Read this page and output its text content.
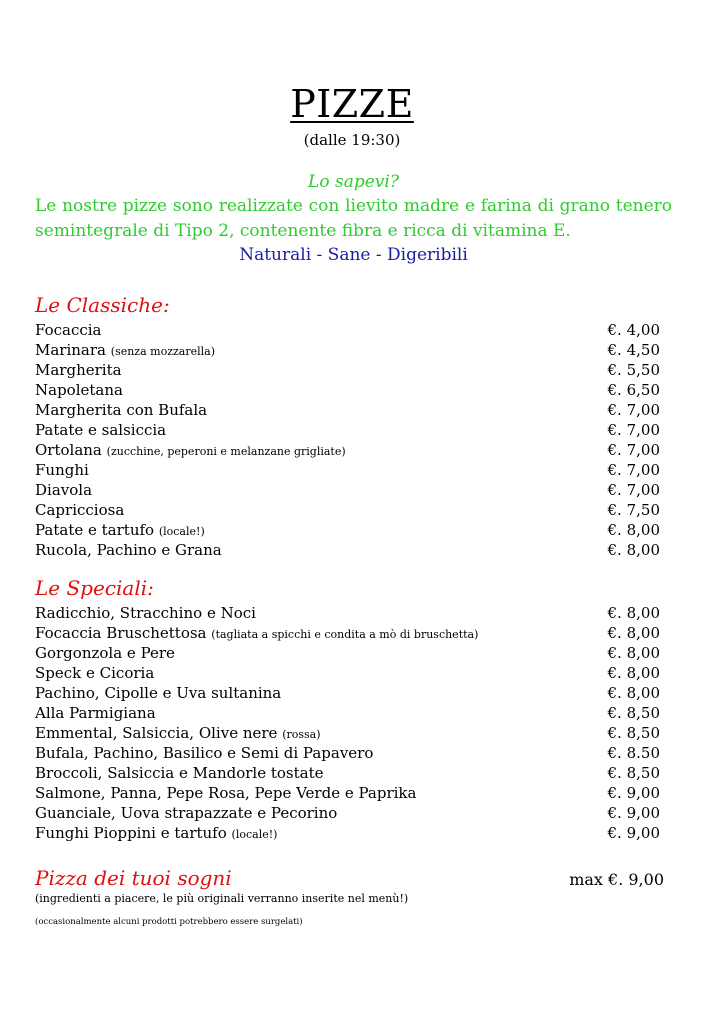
PIZZE
(dalle 19:30)
Lo sapevi?
Le nostre pizze sono realizzate con lievito madre e farina di grano tenero semintegrale di Tipo 2, contenente fibra e ricca di vitamina E.
Naturali - Sane - Digeribili
Le Classiche:
Focaccia	€. 4,00
Marinara (senza mozzarella)	€. 4,50
Margherita	€. 5,50
Napoletana	€. 6,50
Margherita con Bufala	€. 7,00
Patate e salsiccia	€. 7,00
Ortolana (zucchine, peperoni e melanzane grigliate)	€. 7,00
Funghi	€. 7,00
Diavola	€. 7,00
Capricciosa	€. 7,50
Patate e tartufo (locale!)	€. 8,00
Rucola, Pachino e Grana	€. 8,00
Le Speciali:
Radicchio, Stracchino e Noci	€. 8,00
Focaccia Bruschettosa (tagliata a spicchi e condita a mò di bruschetta)	€. 8,00
Gorgonzola e Pere	€. 8,00
Speck e Cicoria	€. 8,00
Pachino, Cipolle e Uva sultanina	€. 8,00
Alla Parmigiana	€. 8,50
Emmental, Salsiccia, Olive nere (rossa)	€. 8,50
Bufala, Pachino, Basilico e Semi di Papavero	€. 8.50
Broccoli, Salsiccia e Mandorle tostate	€. 8,50
Salmone, Panna, Pepe Rosa, Pepe Verde e Paprika	€. 9,00
Guanciale, Uova strapazzate e Pecorino	€. 9,00
Funghi Pioppini e tartufo (locale!)	€. 9,00
Pizza dei tuoi sogni	max €. 9,00
(ingredienti a piacere, le più originali verranno inserite nel menù!)
(occasionalmente alcuni prodotti potrebbero essere surgelati)
